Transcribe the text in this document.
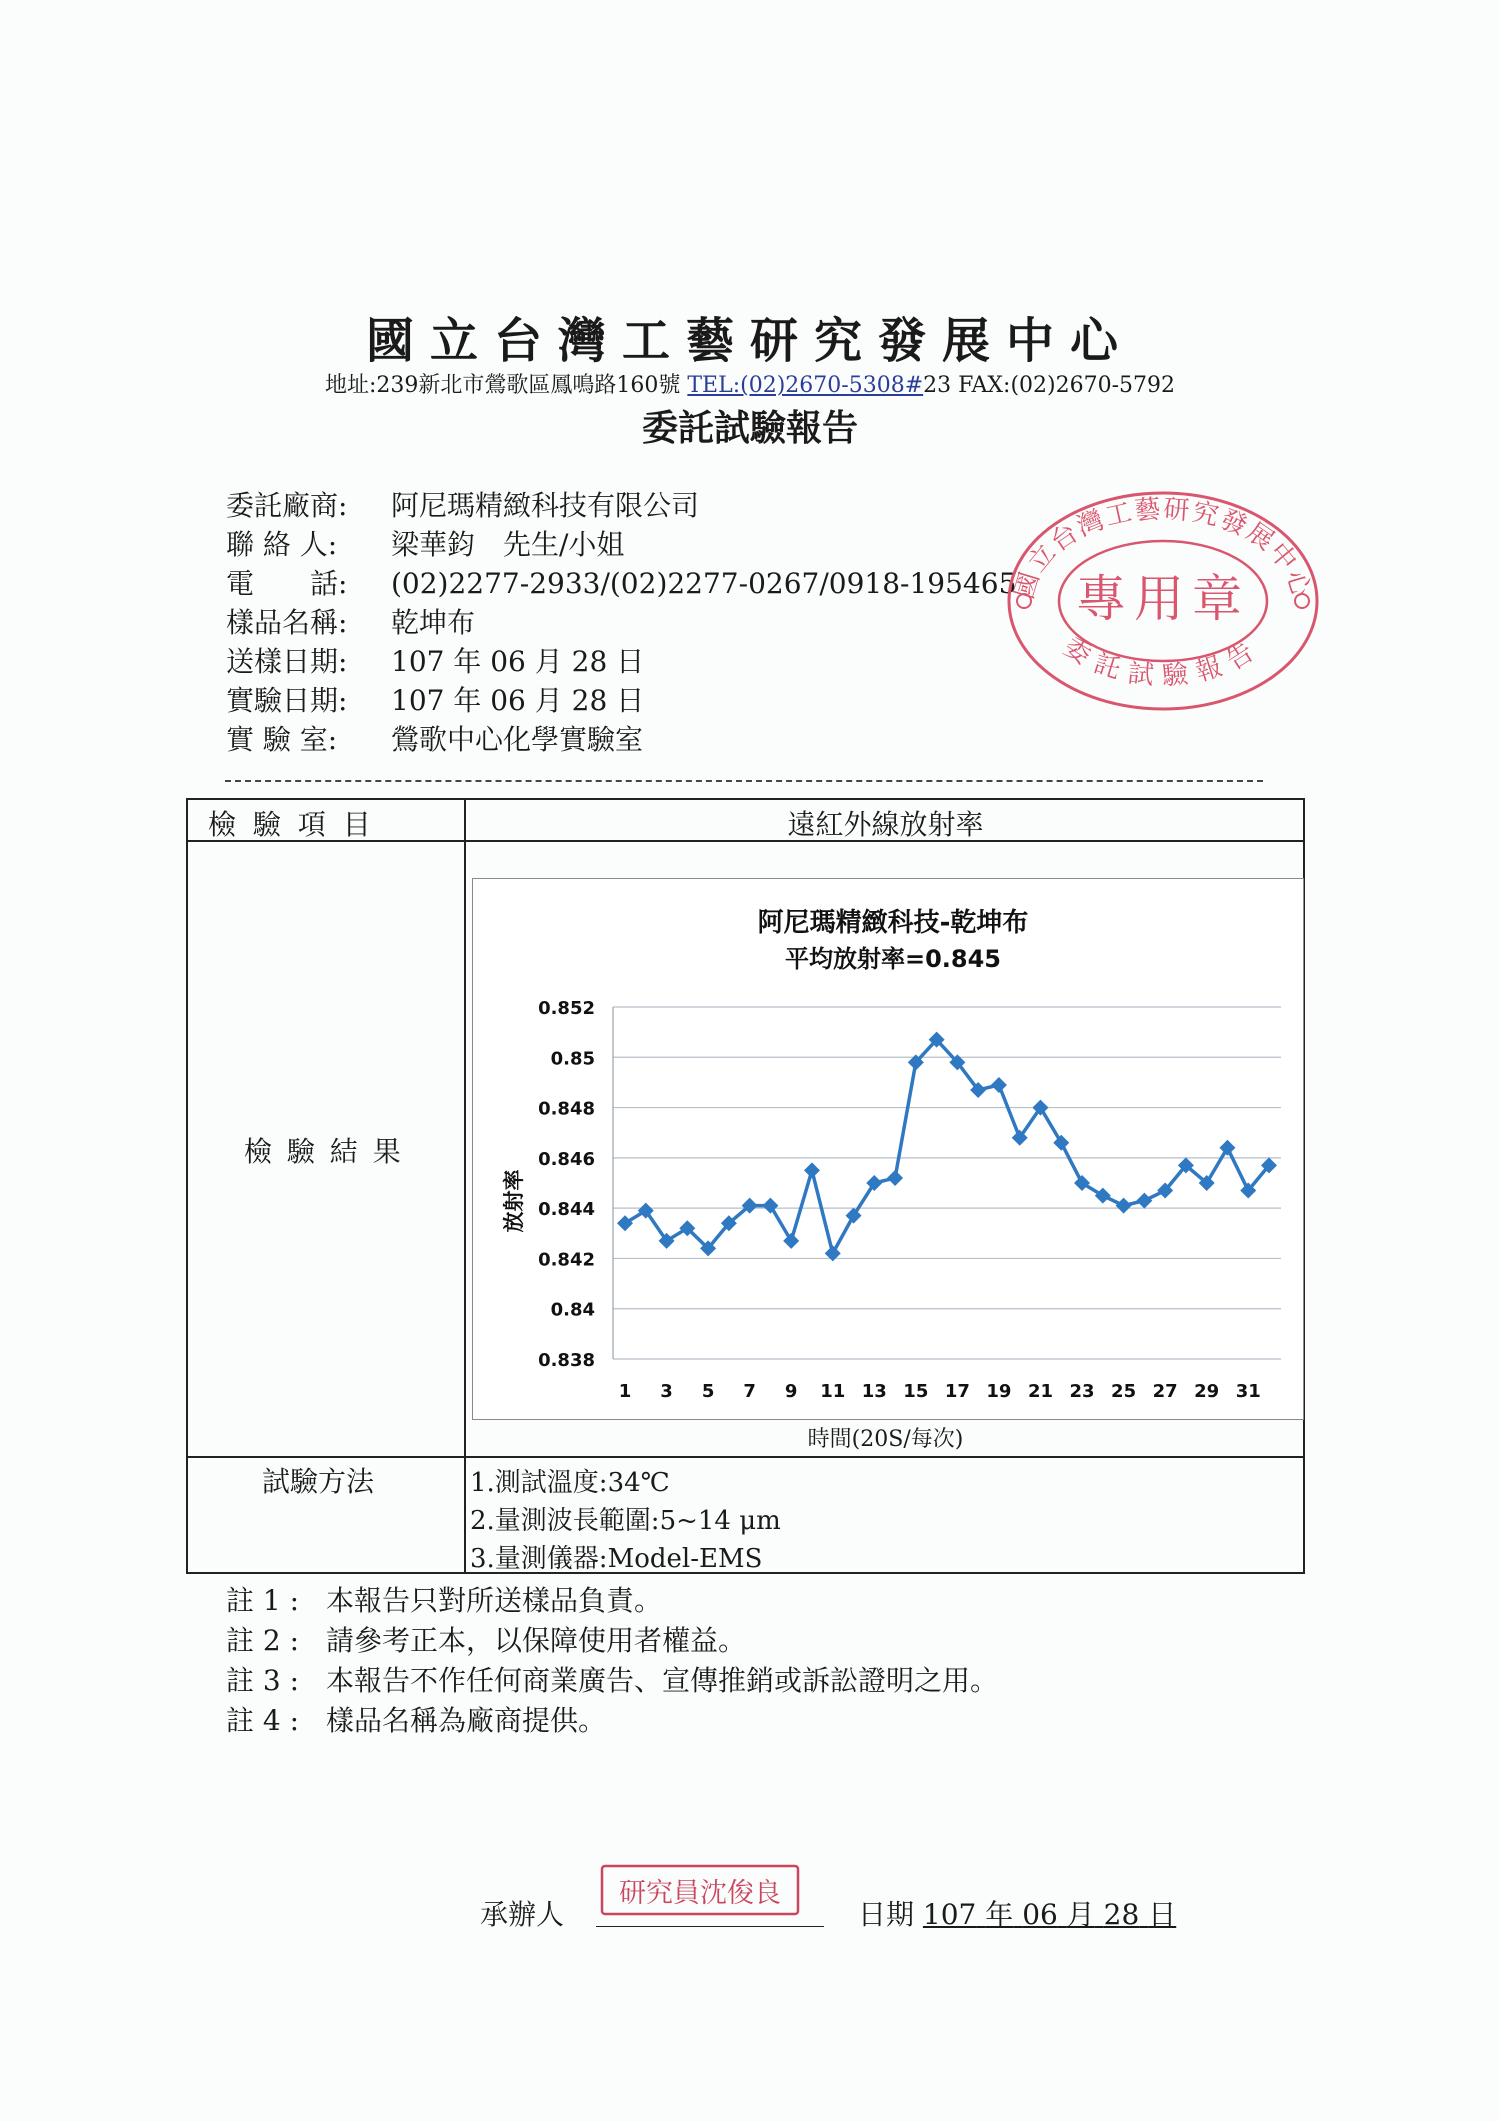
國立台灣工藝研究發展中心
地址:239新北市鶯歌區鳳鳴路160號 TEL:(02)2670-5308#23 FAX:(02)2670-5792
委託試驗報告
委託廠商: 阿尼瑪精緻科技有限公司
聯 絡 人: 梁華鈞　先生/小姐
電　　話: (02)2277-2933/(02)2277-0267/0918-195465
樣品名稱: 乾坤布
送樣日期: 107 年 06 月 28 日
實驗日期: 107 年 06 月 28 日
實 驗 室: 鶯歌中心化學實驗室
國立台灣工藝研究發展中心
專用章
委託試驗報告
檢 驗 項 目	遠紅外線放射率
檢 驗 結 果
阿尼瑪精緻科技-乾坤布
平均放射率=0.845
放射率
0.838
0.84
0.842
0.844
0.846
0.848
0.85
0.852
1 3 5 7 9 11 13 15 17 19 21 23 25 27 29 31
時間(20S/每次)
試驗方法	1.測試溫度:34℃
2.量測波長範圍:5~14 μm
3.量測儀器:Model-EMS
註 1 : 本報告只對所送樣品負責。
註 2 : 請參考正本，以保障使用者權益。
註 3 : 本報告不作任何商業廣告、宣傳推銷或訴訟證明之用。
註 4 : 樣品名稱為廠商提供。
承辦人
研究員沈俊良
日期 107 年 06 月 28 日
